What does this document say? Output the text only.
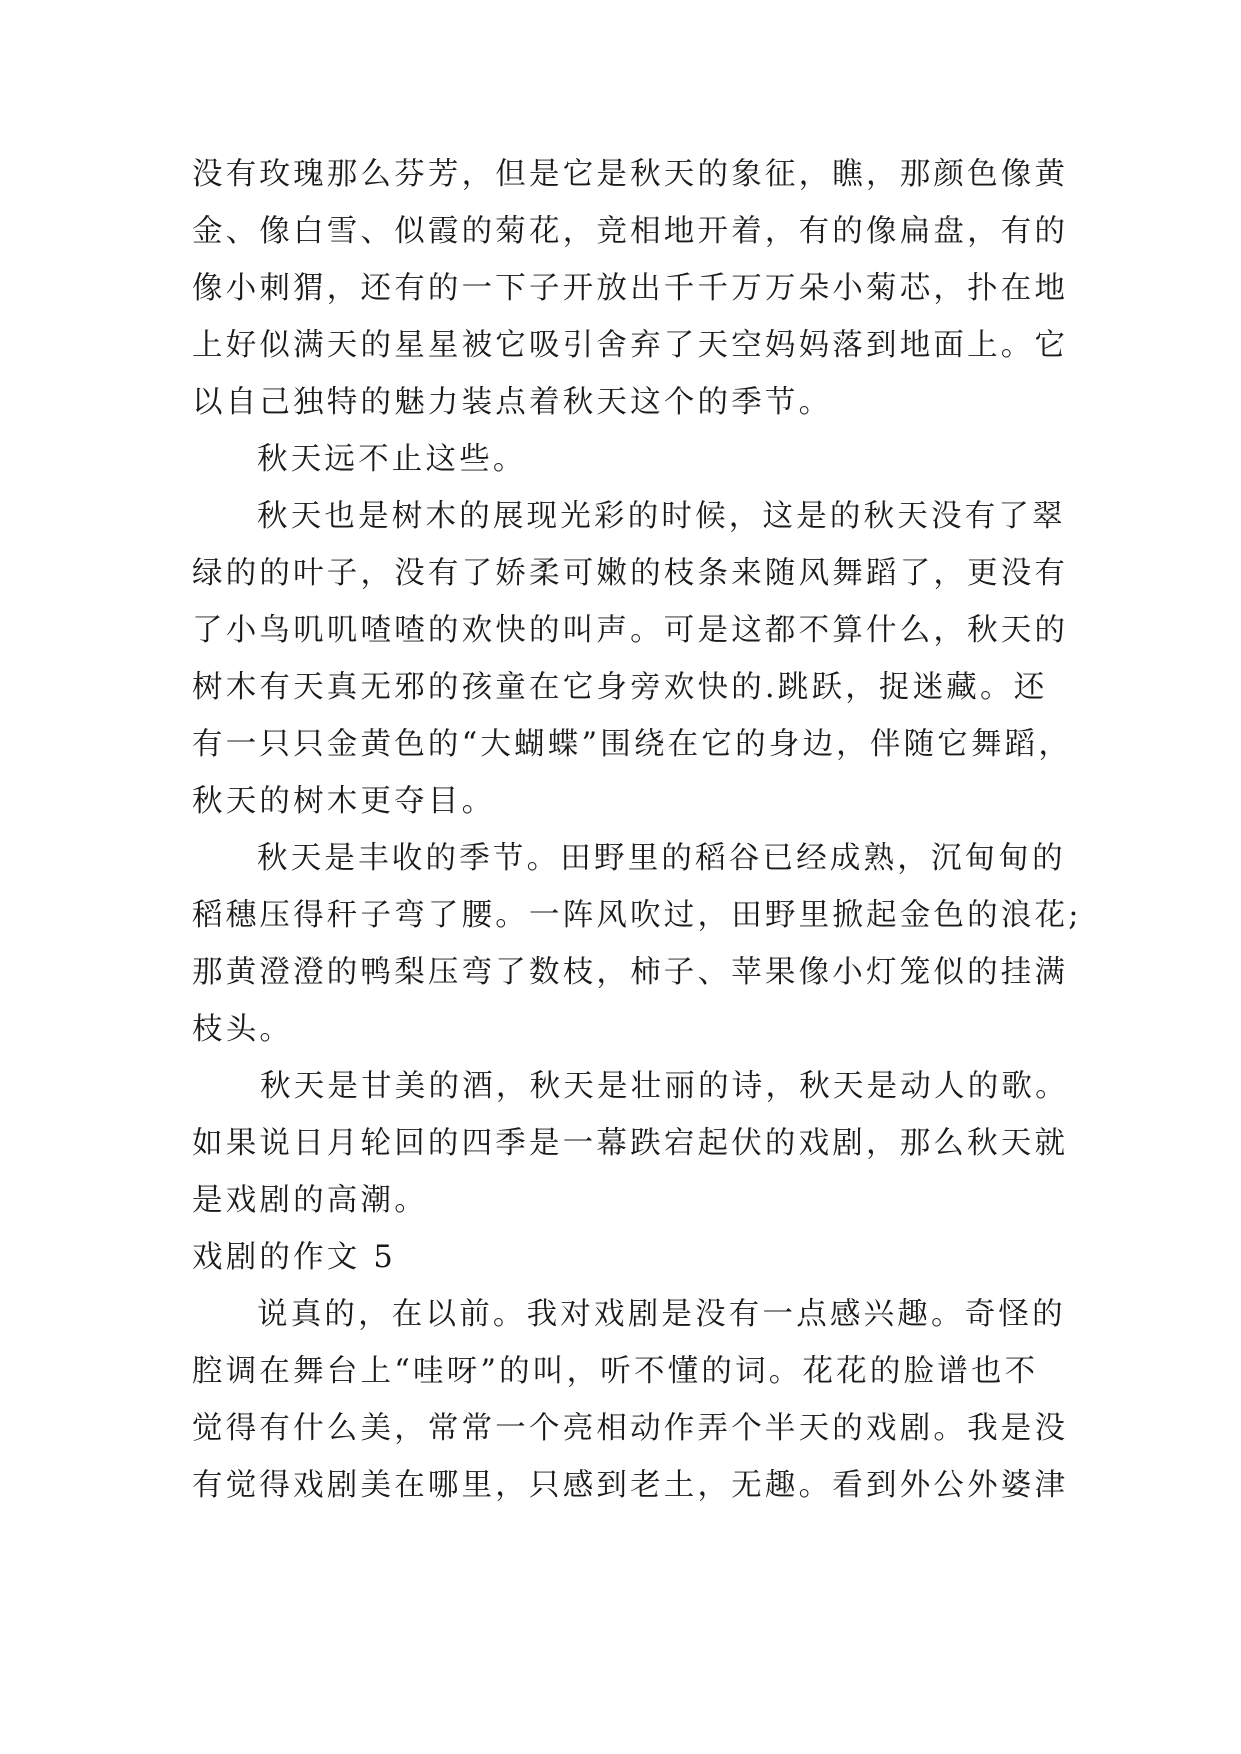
没有玫瑰那么芬芳，但是它是秋天的象征，瞧，那颜色像黄
金、像白雪、似霞的菊花，竞相地开着，有的像扁盘，有的
像小刺猬，还有的一下子开放出千千万万朵小菊芯，扑在地
上好似满天的星星被它吸引舍弃了天空妈妈落到地面上。它
以自己独特的魅力装点着秋天这个的季节。
秋天远不止这些。
秋天也是树木的展现光彩的时候，这是的秋天没有了翠
绿的的叶子，没有了娇柔可嫩的枝条来随风舞蹈了，更没有
了小鸟叽叽喳喳的欢快的叫声。可是这都不算什么，秋天的
树木有天真无邪的孩童在它身旁欢快的.跳跃，捉迷藏。还
有一只只金黄色的“大蝴蝶”围绕在它的身边，伴随它舞蹈，
秋天的树木更夺目。
秋天是丰收的季节。田野里的稻谷已经成熟，沉甸甸的
稻穗压得秆子弯了腰。一阵风吹过，田野里掀起金色的浪花;
那黄澄澄的鸭梨压弯了数枝，柿子、苹果像小灯笼似的挂满
枝头。
秋天是甘美的酒，秋天是壮丽的诗，秋天是动人的歌。
如果说日月轮回的四季是一幕跌宕起伏的戏剧，那么秋天就
是戏剧的高潮。
戏剧的作文 5
说真的，在以前。我对戏剧是没有一点感兴趣。奇怪的
腔调在舞台上“哇呀”的叫，听不懂的词。花花的脸谱也不
觉得有什么美，常常一个亮相动作弄个半天的戏剧。我是没
有觉得戏剧美在哪里，只感到老土，无趣。看到外公外婆津
